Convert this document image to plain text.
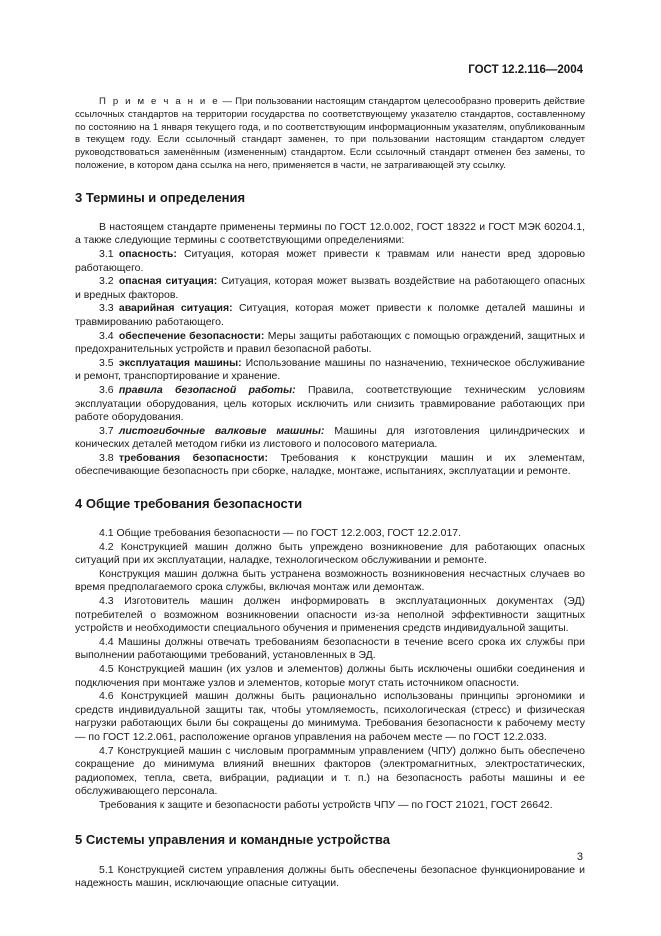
ГОСТ 12.2.116—2004

П р и м е ч а н и е — При пользовании настоящим стандартом целесообразно проверить действие ссылочных стандартов на территории государства по соответствующему указателю стандартов, составленному по состоянию на 1 января текущего года, и по соответствующим информационным указателям, опубликованным в текущем году. Если ссылочный стандарт заменен, то при пользовании настоящим стандартом следует руководствоваться заменённым (измененным) стандартом. Если ссылочный стандарт отменен без замены, то положение, в котором дана ссылка на него, применяется в части, не затрагивающей эту ссылку.

3 Термины и определения

В настоящем стандарте применены термины по ГОСТ 12.0.002, ГОСТ 18322 и ГОСТ МЭК 60204.1, а также следующие термины с соответствующими определениями:

3.1  опасность: Ситуация, которая может привести к травмам или нанести вред здоровью работающего.

3.2  опасная ситуация: Ситуация, которая может вызвать воздействие на работающего опасных и вредных факторов.

3.3  аварийная ситуация: Ситуация, которая может привести к поломке деталей машины и травмированию работающего.

3.4  обеспечение безопасности: Меры защиты работающих с помощью ограждений, защитных и предохранительных устройств и правил безопасной работы.

3.5  эксплуатация машины: Использование машины по назначению, техническое обслуживание и ремонт, транспортирование и хранение.

3.6  правила безопасной работы: Правила, соответствующие техническим условиям эксплуатации оборудования, цель которых исключить или снизить травмирование работающих при работе оборудования.

3.7  листогибочные валковые машины: Машины для изготовления цилиндрических и конических деталей методом гибки из листового и полосового материала.

3.8  требования безопасности: Требования к конструкции машин и их элементам, обеспечивающие безопасность при сборке, наладке, монтаже, испытаниях, эксплуатации и ремонте.

4 Общие требования безопасности

4.1 Общие требования безопасности — по ГОСТ 12.2.003, ГОСТ 12.2.017.

4.2 Конструкцией машин должно быть упреждено возникновение для работающих опасных ситуаций при их эксплуатации, наладке, технологическом обслуживании и ремонте.

Конструкция машин должна быть устранена возможность возникновения несчастных случаев во время предполагаемого срока службы, включая монтаж или демонтаж.

4.3 Изготовитель машин должен информировать в эксплуатационных документах (ЭД) потребителей о возможном возникновении опасности из-за неполной эффективности защитных устройств и необходимости специального обучения и применения средств индивидуальной защиты.

4.4 Машины должны отвечать требованиям безопасности в течение всего срока их службы при выполнении работающими требований, установленных в ЭД.

4.5 Конструкцией машин (их узлов и элементов) должны быть исключены ошибки соединения и подключения при монтаже узлов и элементов, которые могут стать источником опасности.

4.6 Конструкцией машин должны быть рационально использованы принципы эргономики и средств индивидуальной защиты так, чтобы утомляемость, психологическая (стресс) и физическая нагрузки работающих были бы сокращены до минимума. Требования безопасности к рабочему месту — по ГОСТ 12.2.061, расположение органов управления на рабочем месте — по ГОСТ 12.2.033.

4.7 Конструкцией машин с числовым программным управлением (ЧПУ) должно быть обеспечено сокращение до минимума влияний внешних факторов (электромагнитных, электростатических, радиопомех, тепла, света, вибрации, радиации и т. п.) на безопасность работы машины и ее обслуживающего персонала.

Требования к защите и безопасности работы устройств ЧПУ — по ГОСТ 21021, ГОСТ 26642.

5 Системы управления и командные устройства

5.1 Конструкцией систем управления должны быть обеспечены безопасное функционирование и надежность машин, исключающие опасные ситуации.

3
